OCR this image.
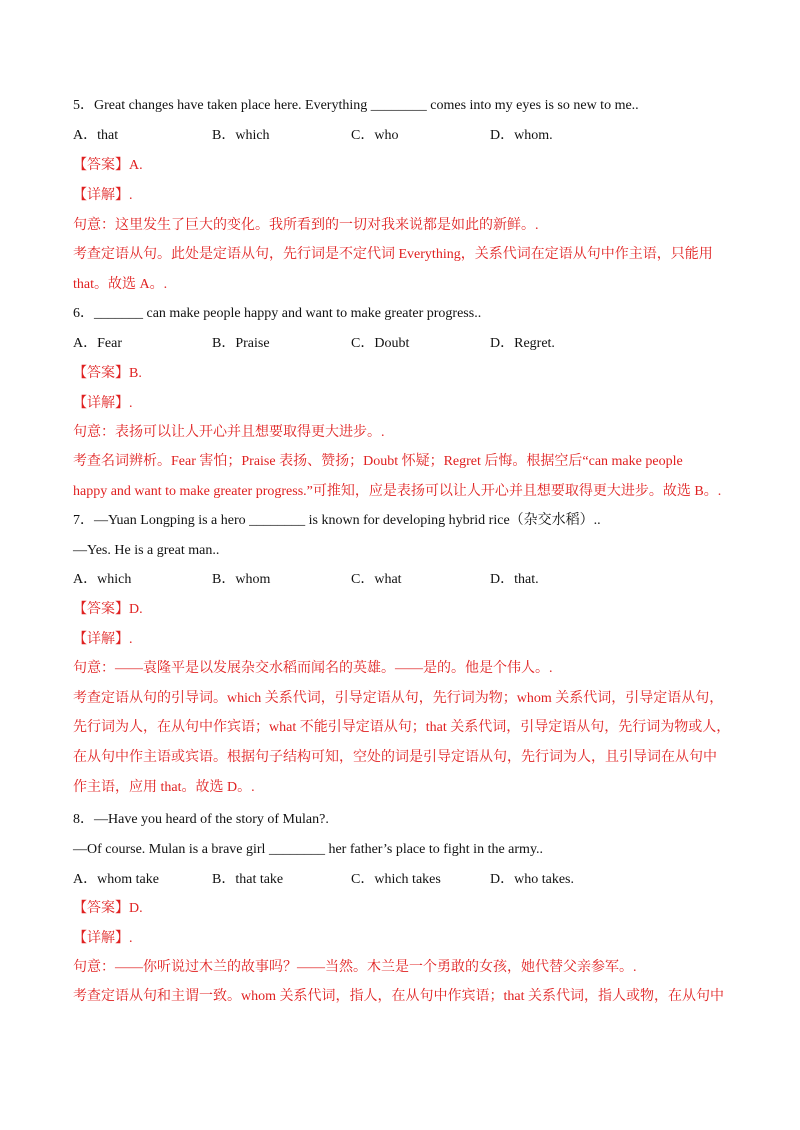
5．Great changes have taken place here. Everything ________ comes into my eyes is so new to me..
A．that	B．which	C．who	D．whom.
【答案】A.
【详解】.
句意：这里发生了巨大的变化。我所看到的一切对我来说都是如此的新鲜。.
考查定语从句。此处是定语从句，先行词是不定代词 Everything，关系代词在定语从句中作主语，只能用
that。故选 A。.
6．_______ can make people happy and want to make greater progress..
A．Fear	B．Praise	C．Doubt	D．Regret.
【答案】B.
【详解】.
句意：表扬可以让人开心并且想要取得更大进步。.
考查名词辨析。Fear 害怕；Praise 表扬、赞扬；Doubt 怀疑；Regret 后悔。根据空后“can make people
happy and want to make greater progress.”可推知，应是表扬可以让人开心并且想要取得更大进步。故选 B。.
7．—Yuan Longping is a hero ________ is known for developing hybrid rice（杂交水稻）..
—Yes. He is a great man..
A．which	B．whom	C．what	D．that.
【答案】D.
【详解】.
句意：——袁隆平是以发展杂交水稻而闻名的英雄。——是的。他是个伟人。.
考查定语从句的引导词。which 关系代词，引导定语从句，先行词为物；whom 关系代词，引导定语从句，
先行词为人，在从句中作宾语；what 不能引导定语从句；that 关系代词，引导定语从句，先行词为物或人，
在从句中作主语或宾语。根据句子结构可知，空处的词是引导定语从句，先行词为人，且引导词在从句中
作主语，应用 that。故选 D。.
8．—Have you heard of the story of Mulan?.
—Of course. Mulan is a brave girl ________ her father’s place to fight in the army..
A．whom take	B．that take	C．which takes	D．who takes.
【答案】D.
【详解】.
句意：——你听说过木兰的故事吗？——当然。木兰是一个勇敢的女孩，她代替父亲参军。.
考查定语从句和主谓一致。whom 关系代词，指人，在从句中作宾语；that 关系代词，指人或物，在从句中
